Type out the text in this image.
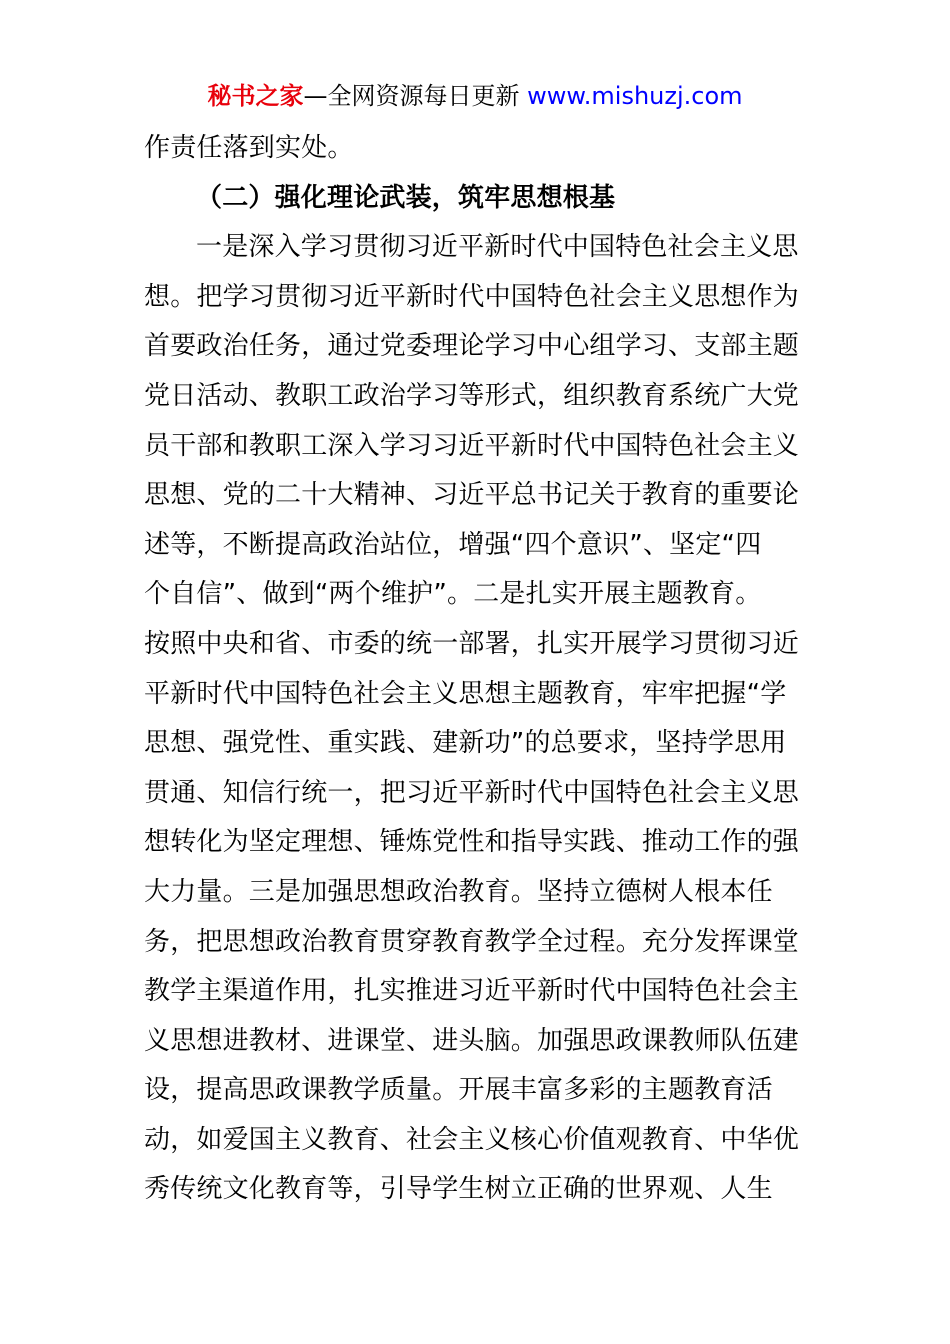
秘书之家—全网资源每日更新 www.mishuzj.com
作责任落到实处。
（二）强化理论武装，筑牢思想根基
一是深入学习贯彻习近平新时代中国特色社会主义思
想。把学习贯彻习近平新时代中国特色社会主义思想作为
首要政治任务，通过党委理论学习中心组学习、支部主题
党日活动、教职工政治学习等形式，组织教育系统广大党
员干部和教职工深入学习习近平新时代中国特色社会主义
思想、党的二十大精神、习近平总书记关于教育的重要论
述等，不断提高政治站位，增强“四个意识”、坚定“四
个自信”、做到“两个维护”。二是扎实开展主题教育。
按照中央和省、市委的统一部署，扎实开展学习贯彻习近
平新时代中国特色社会主义思想主题教育，牢牢把握“学
思想、强党性、重实践、建新功”的总要求，坚持学思用
贯通、知信行统一，把习近平新时代中国特色社会主义思
想转化为坚定理想、锤炼党性和指导实践、推动工作的强
大力量。三是加强思想政治教育。坚持立德树人根本任
务，把思想政治教育贯穿教育教学全过程。充分发挥课堂
教学主渠道作用，扎实推进习近平新时代中国特色社会主
义思想进教材、进课堂、进头脑。加强思政课教师队伍建
设，提高思政课教学质量。开展丰富多彩的主题教育活
动，如爱国主义教育、社会主义核心价值观教育、中华优
秀传统文化教育等，引导学生树立正确的世界观、人生
